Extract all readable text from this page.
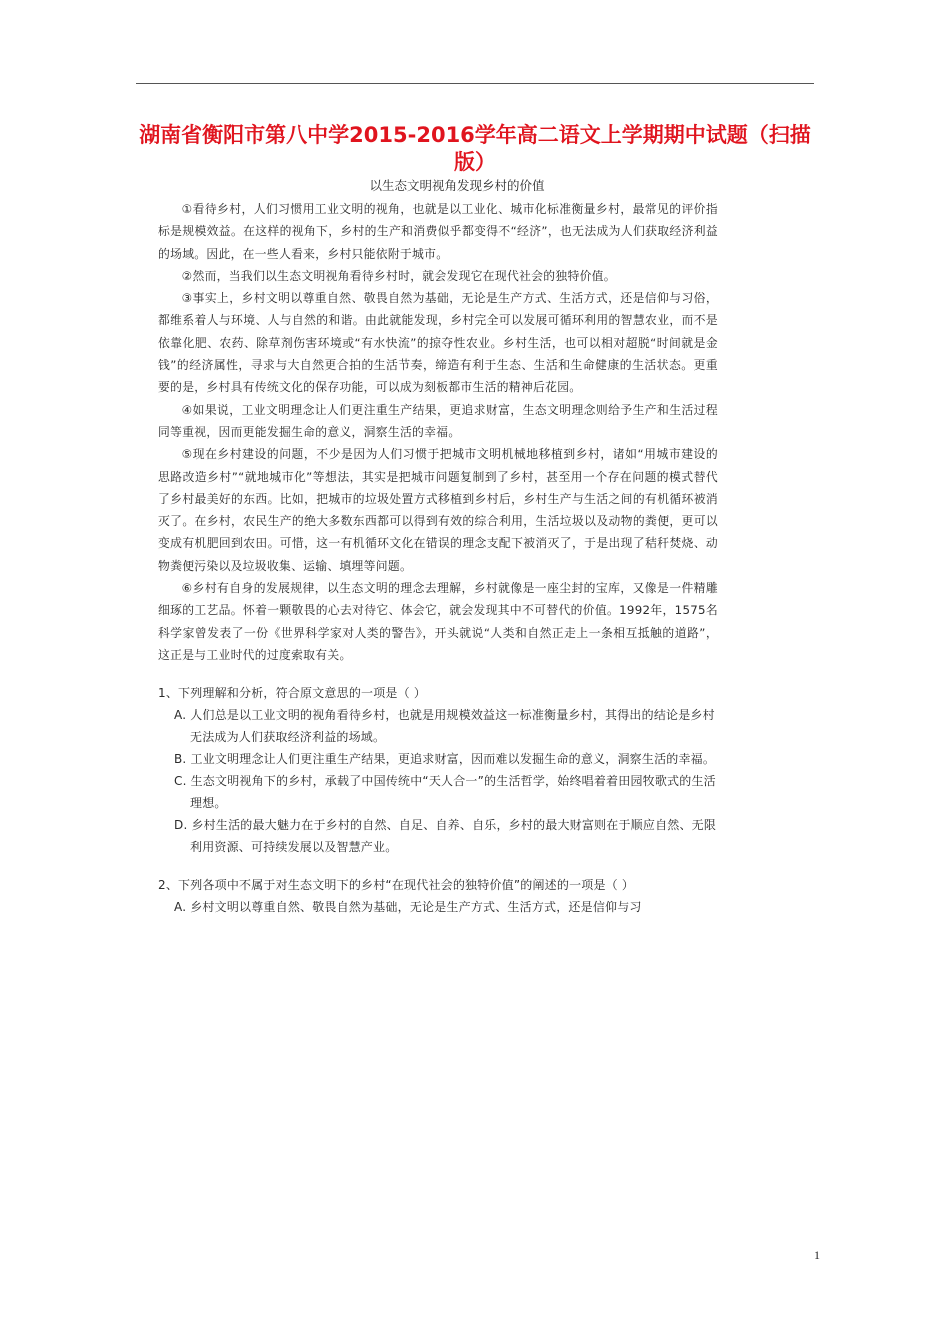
湖南省衡阳市第八中学2015-2016学年高二语文上学期期中试题（扫描版）
以生态文明视角发现乡村的价值

①看待乡村，人们习惯用工业文明的视角，也就是以工业化、城市化标准衡量乡村，最常见的评价指标是规模效益。在这样的视角下，乡村的生产和消费似乎都变得不“经济”，也无法成为人们获取经济利益的场域。因此，在一些人看来，乡村只能依附于城市。

②然而，当我们以生态文明视角看待乡村时，就会发现它在现代社会的独特价值。

③事实上，乡村文明以尊重自然、敬畏自然为基础，无论是生产方式、生活方式，还是信仰与习俗，都维系着人与环境、人与自然的和谐。由此就能发现，乡村完全可以发展可循环利用的智慧农业，而不是依靠化肥、农药、除草剂伤害环境或“有水快流”的掠夺性农业。乡村生活，也可以相对超脱“时间就是金钱”的经济属性，寻求与大自然更合拍的生活节奏，缔造有利于生态、生活和生命健康的生活状态。更重要的是，乡村具有传统文化的保存功能，可以成为刻板都市生活的精神后花园。

④如果说，工业文明理念让人们更注重生产结果，更追求财富，生态文明理念则给予生产和生活过程同等重视，因而更能发掘生命的意义，洞察生活的幸福。

⑤现在乡村建设的问题，不少是因为人们习惯于把城市文明机械地移植到乡村，诸如“用城市建设的思路改造乡村”“就地城市化”等想法，其实是把城市问题复制到了乡村，甚至用一个存在问题的模式替代了乡村最美好的东西。比如，把城市的垃圾处置方式移植到乡村后，乡村生产与生活之间的有机循环被消灭了。在乡村，农民生产的绝大多数东西都可以得到有效的综合利用，生活垃圾以及动物的粪便，更可以变成有机肥回到农田。可惜，这一有机循环文化在错误的理念支配下被消灭了，于是出现了秸秆焚烧、动物粪便污染以及垃圾收集、运输、填埋等问题。

⑥乡村有自身的发展规律，以生态文明的理念去理解，乡村就像是一座尘封的宝库，又像是一件精雕细琢的工艺品。怀着一颗敬畏的心去对待它、体会它，就会发现其中不可替代的价值。1992年，1575名科学家曾发表了一份《世界科学家对人类的警告》，开头就说“人类和自然正走上一条相互抵触的道路”，这正是与工业时代的过度索取有关。

1、下列理解和分析，符合原文意思的一项是（ ）

A. 人们总是以工业文明的视角看待乡村，也就是用规模效益这一标准衡量乡村，其得出的结论是乡村无法成为人们获取经济利益的场域。

B. 工业文明理念让人们更注重生产结果，更追求财富，因而难以发掘生命的意义，洞察生活的幸福。

C. 生态文明视角下的乡村，承载了中国传统中“天人合一”的生活哲学，始终唱着着田园牧歌式的生活理想。

D. 乡村生活的最大魅力在于乡村的自然、自足、自养、自乐，乡村的最大财富则在于顺应自然、无限利用资源、可持续发展以及智慧产业。

2、下列各项中不属于对生态文明下的乡村“在现代社会的独特价值”的阐述的一项是（ ）

A. 乡村文明以尊重自然、敬畏自然为基础，无论是生产方式、生活方式，还是信仰与习

1
